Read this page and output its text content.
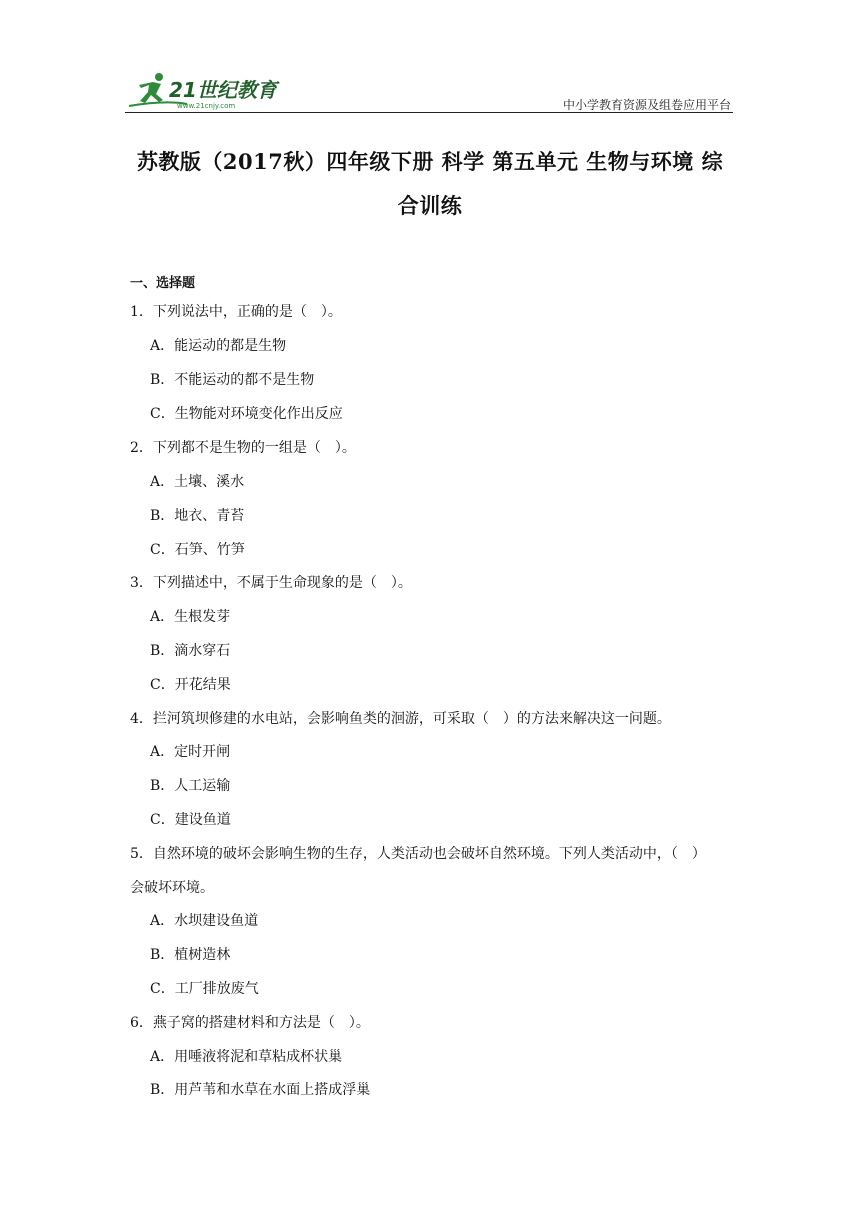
21世纪教育
www.21cnjy.com	中小学教育资源及组卷应用平台
苏教版（2017秋）四年级下册 科学 第五单元 生物与环境 综
合训练
一、选择题
1．下列说法中，正确的是（　）。
A．能运动的都是生物
B．不能运动的都不是生物
C．生物能对环境变化作出反应
2．下列都不是生物的一组是（　）。
A．土壤、溪水
B．地衣、青苔
C．石笋、竹笋
3．下列描述中，不属于生命现象的是（　）。
A．生根发芽
B．滴水穿石
C．开花结果
4．拦河筑坝修建的水电站，会影响鱼类的洄游，可采取（　）的方法来解决这一问题。
A．定时开闸
B．人工运输
C．建设鱼道
5．自然环境的破坏会影响生物的生存，人类活动也会破坏自然环境。下列人类活动中，（　）
会破坏环境。
A．水坝建设鱼道
B．植树造林
C．工厂排放废气
6．燕子窝的搭建材料和方法是（　）。
A．用唾液将泥和草粘成杯状巢
B．用芦苇和水草在水面上搭成浮巢
